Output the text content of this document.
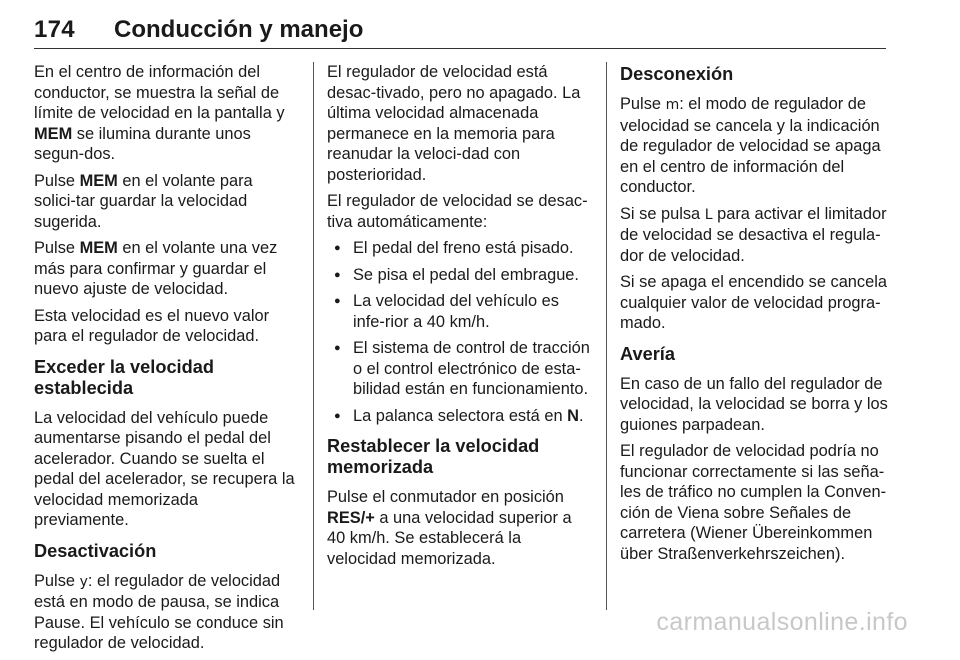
174 Conducción y manejo

En el centro de información del conductor, se muestra la señal de límite de velocidad en la pantalla y MEM se ilumina durante unos segun-dos.

Pulse MEM en el volante para solici-tar guardar la velocidad sugerida.

Pulse MEM en el volante una vez más para confirmar y guardar el nuevo ajuste de velocidad.

Esta velocidad es el nuevo valor para el regulador de velocidad.

Exceder la velocidad establecida

La velocidad del vehículo puede aumentarse pisando el pedal del acelerador. Cuando se suelta el pedal del acelerador, se recupera la velocidad memorizada previamente.

Desactivación

Pulse y: el regulador de velocidad está en modo de pausa, se indica Pause. El vehículo se conduce sin regulador de velocidad.

El regulador de velocidad está desac-tivado, pero no apagado. La última velocidad almacenada permanece en la memoria para reanudar la veloci-dad con posterioridad.

El regulador de velocidad se desac-tiva automáticamente:

● El pedal del freno está pisado.
● Se pisa el pedal del embrague.
● La velocidad del vehículo es infe-rior a 40 km/h.
● El sistema de control de tracción o el control electrónico de esta-bilidad están en funcionamiento.
● La palanca selectora está en N.
Restablecer la velocidad memorizada

Pulse el conmutador en posición RES/+ a una velocidad superior a 40 km/h. Se establecerá la velocidad memorizada.

Desconexión

Pulse m: el modo de regulador de velocidad se cancela y la indicación de regulador de velocidad se apaga en el centro de información del conductor.

Si se pulsa L para activar el limitador de velocidad se desactiva el regula-dor de velocidad.

Si se apaga el encendido se cancela cualquier valor de velocidad progra-mado.

Avería

En caso de un fallo del regulador de velocidad, la velocidad se borra y los guiones parpadean.

El regulador de velocidad podría no funcionar correctamente si las seña-les de tráfico no cumplen la Conven-ción de Viena sobre Señales de carretera (Wiener Übereinkommen über Straßenverkehrszeichen).

carmanualsonline.info
